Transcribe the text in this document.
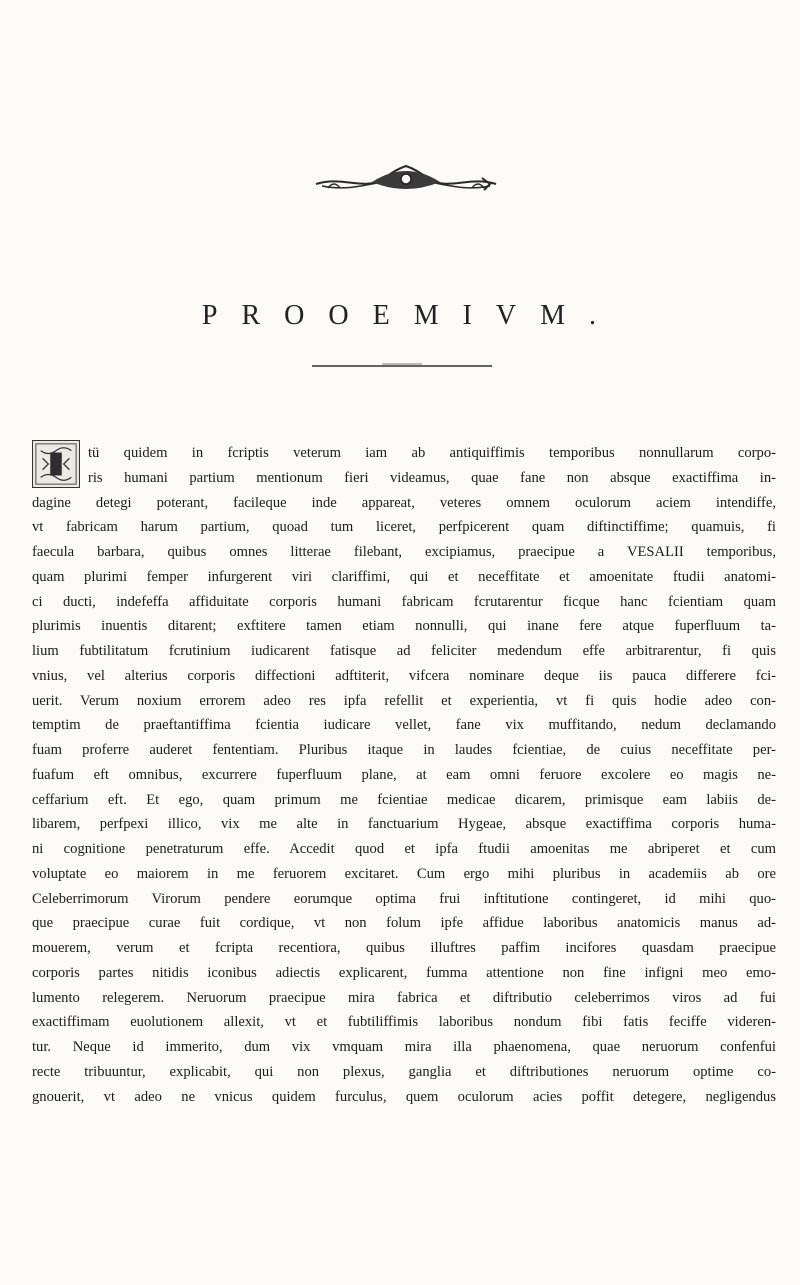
PROOEMIVM.
tü quidem in fcriptis veterum iam ab antiquiffimis temporibus nonnullarum corpo-
ris humani partium mentionum fieri videamus, quae fane non absque exactiffima in-
dagine detegi poterant, facileque inde appareat, veteres omnem oculorum aciem intendiffe,
vt fabricam harum partium, quoad tum liceret, perfpicerent quam diftinctiffime; quamuis, fi
faecula barbara, quibus omnes litterae filebant, excipiamus, praecipue a VESALII temporibus,
quam plurimi femper infurgerent viri clariffimi, qui et neceffitate et amoenitate ftudii anatomi-
ci ducti, indefeffa affiduitate corporis humani fabricam fcrutarentur ficque hanc fcientiam quam
plurimis inuentis ditarent; exftitere tamen etiam nonnulli, qui inane fere atque fuperfluum ta-
lium fubtilitatum fcrutinium iudicarent fatisque ad feliciter medendum effe arbitrarentur, fi quis
vnius, vel alterius corporis diffectioni adftiterit, vifcera nominare deque iis pauca differere fci-
uerit. Verum noxium errorem adeo res ipfa refellit et experientia, vt fi quis hodie adeo con-
temptim de praeftantiffima fcientia iudicare vellet, fane vix muffitando, nedum declamando
fuam proferre auderet fententiam. Pluribus itaque in laudes fcientiae, de cuius neceffitate per-
fuafum eft omnibus, excurrere fuperfluum plane, at eam omni feruore excolere eo magis ne-
ceffarium eft. Et ego, quam primum me fcientiae medicae dicarem, primisque eam labiis de-
libarem, perfpexi illico, vix me alte in fanctuarium Hygeae, absque exactiffima corporis huma-
ni cognitione penetraturum effe. Accedit quod et ipfa ftudii amoenitas me abriperet et cum
voluptate eo maiorem in me feruorem excitaret. Cum ergo mihi pluribus in academiis ab ore
Celeberrimorum Virorum pendere eorumque optima frui inftitutione contingeret, id mihi quo-
que praecipue curae fuit cordique, vt non folum ipfe affidue laboribus anatomicis manus ad-
mouerem, verum et fcripta recentiora, quibus illuftres paffim incifores quasdam praecipue
corporis partes nitidis iconibus adiectis explicarent, fumma attentione non fine infigni meo emo-
lumento relegerem. Neruorum praecipue mira fabrica et diftributio celeberrimos viros ad fui
exactiffimam euolutionem allexit, vt et fubtiliffimis laboribus nondum fibi fatis feciffe videren-
tur. Neque id immerito, dum vix vmquam mira illa phaenomena, quae neruorum confenfui
recte tribuuntur, explicabit, qui non plexus, ganglia et diftributiones neruorum optime co-
gnouerit, vt adeo ne vnicus quidem furculus, quem oculorum acies poffit detegere, negligendus
